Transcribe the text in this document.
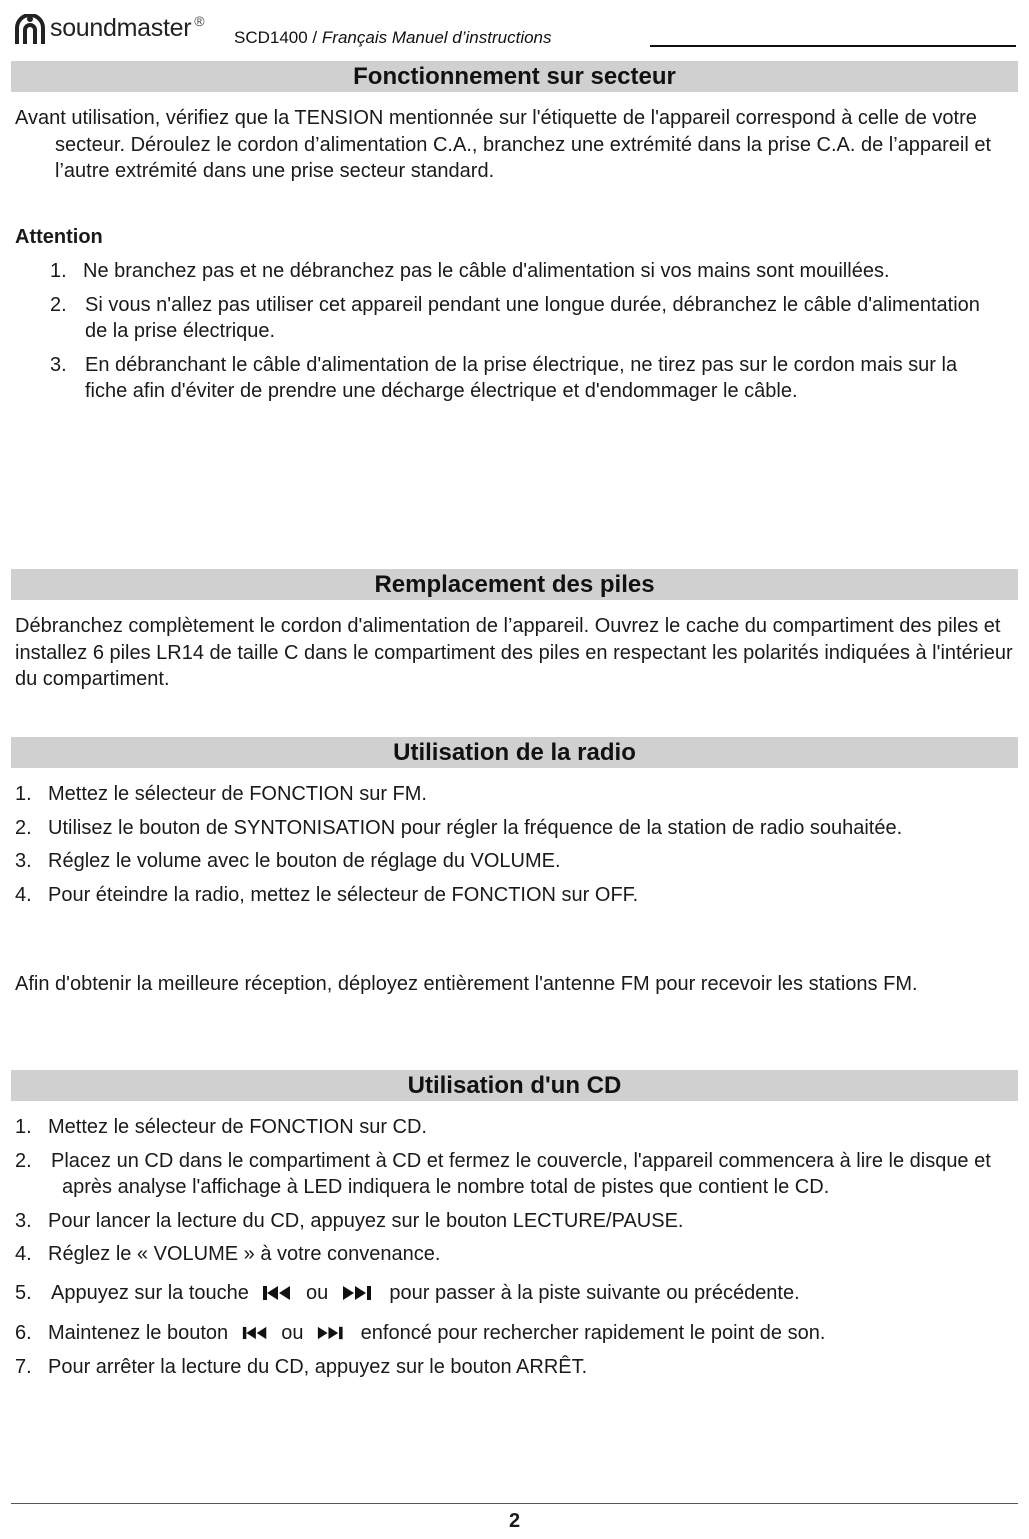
soundmaster ®
SCD1400 / Français Manuel d’instructions
Fonctionnement sur secteur

Avant utilisation, vérifiez que la TENSION mentionnée sur l'étiquette de l'appareil correspond à celle de votre secteur. Déroulez le cordon d’alimentation C.A., branchez une extrémité dans la prise C.A. de l’appareil et l’autre extrémité dans une prise secteur standard.

Attention

1. Ne branchez pas et ne débranchez pas le câble d'alimentation si vos mains sont mouillées.
2. Si vous n'allez pas utiliser cet appareil pendant une longue durée, débranchez le câble d'alimentation de la prise électrique.
3. En débranchant le câble d'alimentation de la prise électrique, ne tirez pas sur le cordon mais sur la fiche afin d'éviter de prendre une décharge électrique et d'endommager le câble.
Remplacement des piles

Débranchez complètement le cordon d'alimentation de l’appareil. Ouvrez le cache du compartiment des piles et installez 6 piles LR14 de taille C dans le compartiment des piles en respectant les polarités indiquées à l'intérieur du compartiment.

Utilisation de la radio
1. Mettez le sélecteur de FONCTION sur FM.
2. Utilisez le bouton de SYNTONISATION pour régler la fréquence de la station de radio souhaitée.
3. Réglez le volume avec le bouton de réglage du VOLUME.
4. Pour éteindre la radio, mettez le sélecteur de FONCTION sur OFF.

Afin d'obtenir la meilleure réception, déployez entièrement l'antenne FM pour recevoir les stations FM.

Utilisation d'un CD
1. Mettez le sélecteur de FONCTION sur CD.
2. Placez un CD dans le compartiment à CD et fermez le couvercle, l'appareil commencera à lire le disque et après analyse l'affichage à LED indiquera le nombre total de pistes que contient le CD.
3. Pour lancer la lecture du CD, appuyez sur le bouton LECTURE/PAUSE.
4. Réglez le « VOLUME » à votre convenance.
5. Appuyez sur la touche	ou	pour passer à la piste suivante ou précédente.
6. Maintenez le bouton	ou	enfoncé pour rechercher rapidement le point de son.
7. Pour arrêter la lecture du CD, appuyez sur le bouton ARRÊT.
2
